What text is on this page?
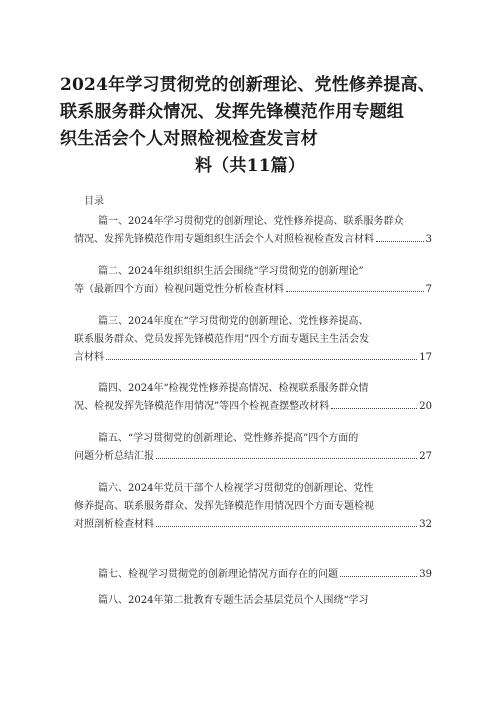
2024年学习贯彻党的创新理论、党性修养提高、
联系服务群众情况、发挥先锋模范作用专题组
织生活会个人对照检视检查发言材
料（共11篇）
目录
篇一、2024年学习贯彻党的创新理论、党性修养提高、联系服务群众
情况、发挥先锋模范作用专题组织生活会个人对照检视检查发言材料	3
篇二、2024年组织组织生活会围绕“学习贯彻党的创新理论”
等（最新四个方面）检视问题党性分析检查材料	7
篇三、2024年度在“学习贯彻党的创新理论、党性修养提高、
联系服务群众、党员发挥先锋模范作用”四个方面专题民主生活会发
言材料	17
篇四、2024年“检视党性修养提高情况、检视联系服务群众情
况、检视发挥先锋模范作用情况”等四个检视查摆整改材料	20
篇五、“学习贯彻党的创新理论、党性修养提高”四个方面的
问题分析总结汇报	27
篇六、2024年党员干部个人检视学习贯彻党的创新理论、党性
修养提高、联系服务群众、发挥先锋模范作用情况四个方面专题检视
对照剖析检查材料	32
篇七、检视学习贯彻党的创新理论情况方面存在的问题	39
篇八、2024年第二批教育专题生活会基层党员个人围绕“学习
